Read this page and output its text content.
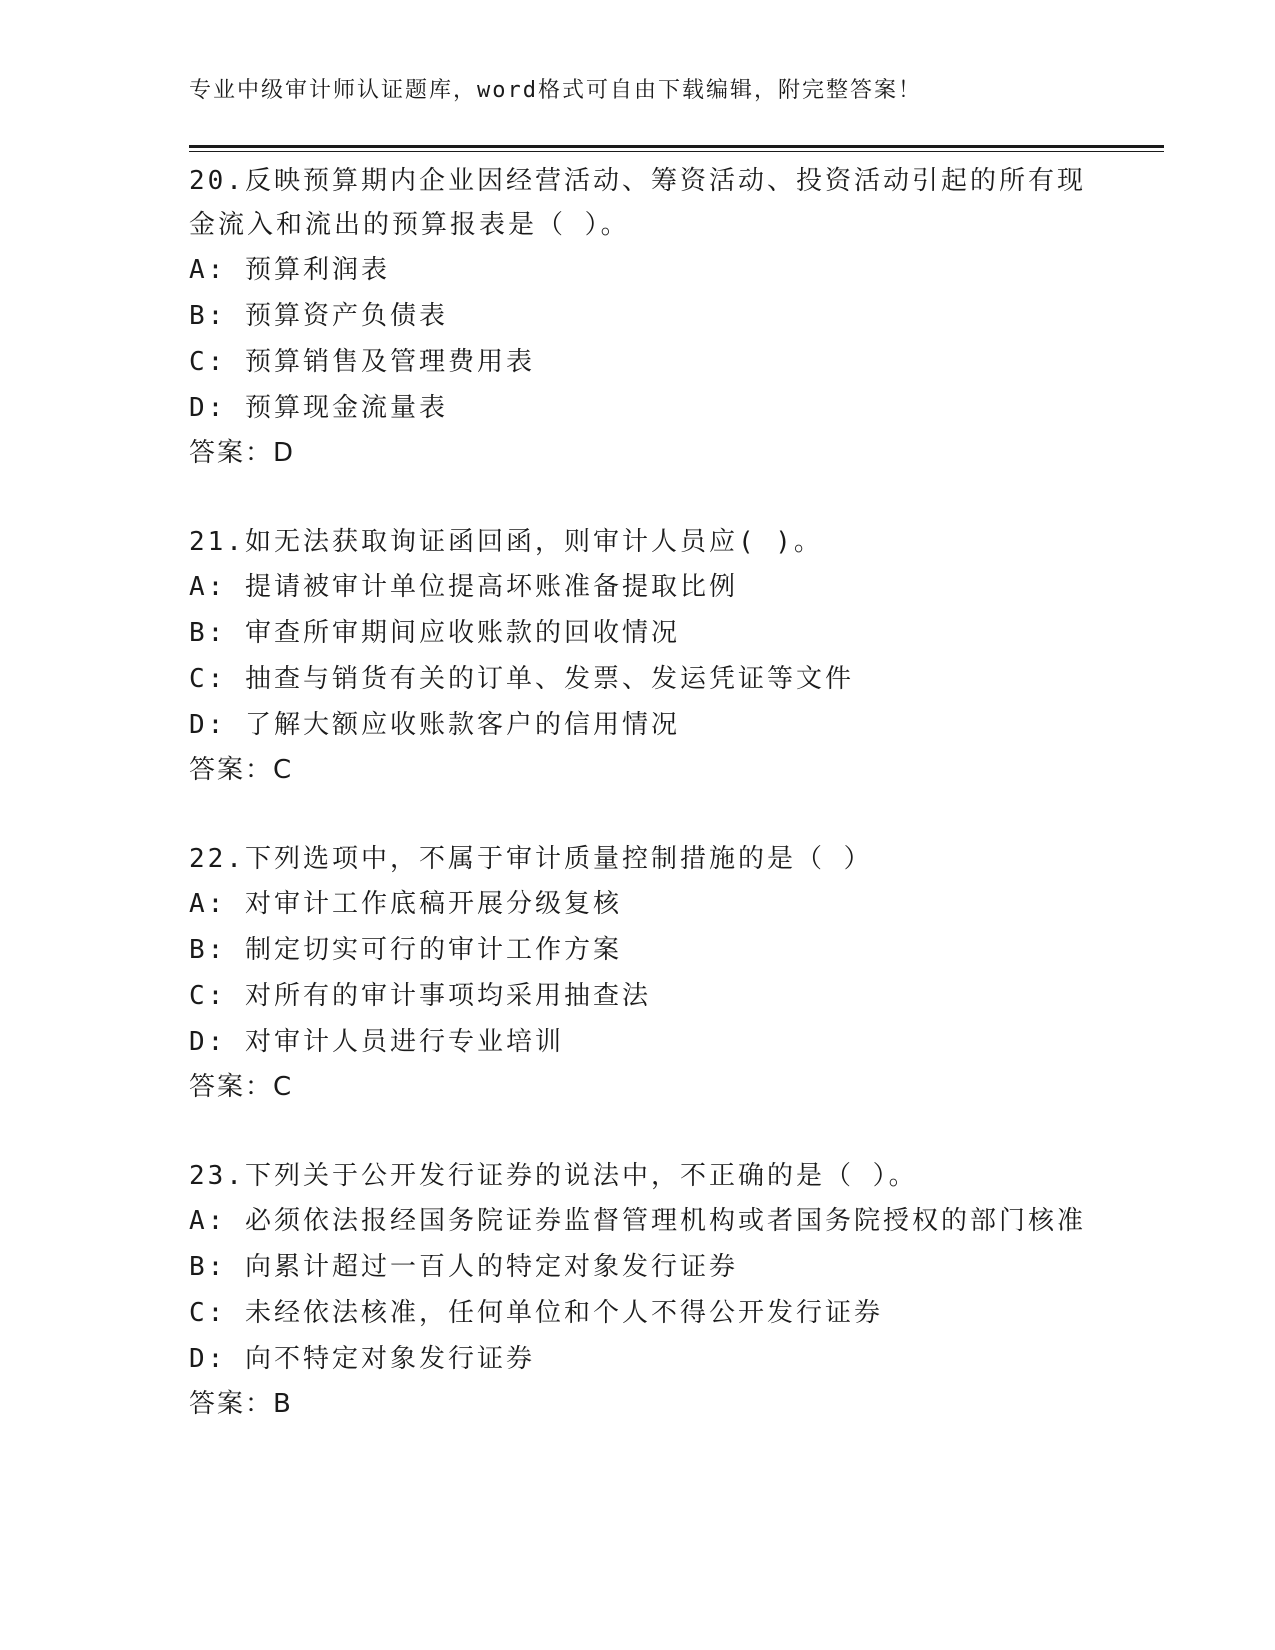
专业中级审计师认证题库，word格式可自由下载编辑，附完整答案！

20.反映预算期内企业因经营活动、筹资活动、投资活动引起的所有现金流入和流出的预算报表是（ ）。

A: 预算利润表
B: 预算资产负债表
C: 预算销售及管理费用表
D: 预算现金流量表
答案：D

21.如无法获取询证函回函，则审计人员应( )。

A: 提请被审计单位提高坏账准备提取比例
B: 审查所审期间应收账款的回收情况
C: 抽查与销货有关的订单、发票、发运凭证等文件
D: 了解大额应收账款客户的信用情况
答案：C

22.下列选项中，不属于审计质量控制措施的是（ ）

A: 对审计工作底稿开展分级复核
B: 制定切实可行的审计工作方案
C: 对所有的审计事项均采用抽查法
D: 对审计人员进行专业培训
答案：C

23.下列关于公开发行证券的说法中，不正确的是（ ）。

A: 必须依法报经国务院证券监督管理机构或者国务院授权的部门核准
B: 向累计超过一百人的特定对象发行证券
C: 未经依法核准，任何单位和个人不得公开发行证券
D: 向不特定对象发行证券
答案：B
